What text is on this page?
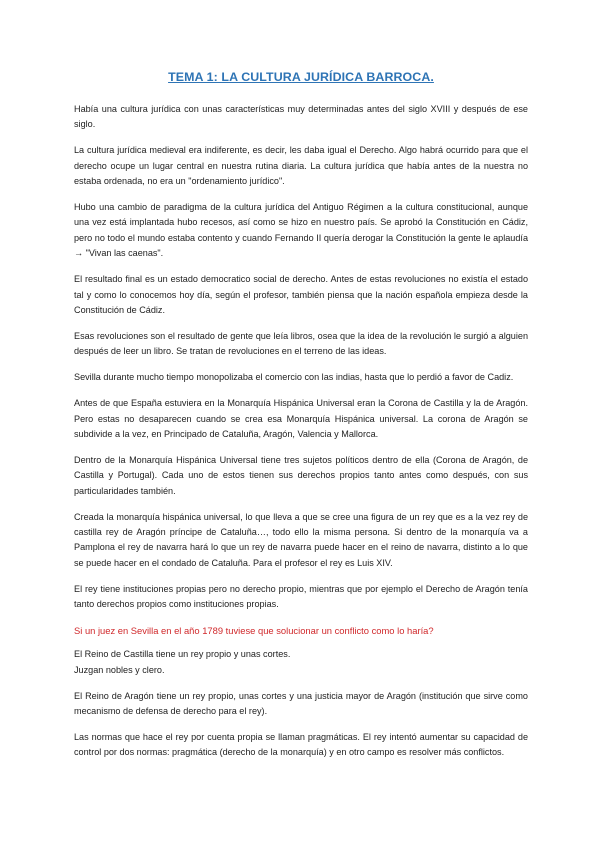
TEMA 1: LA CULTURA JURÍDICA BARROCA.

Había una cultura jurídica con unas características muy determinadas antes del siglo XVIII y después de ese siglo.

La cultura jurídica medieval era indiferente, es decir, les daba igual el Derecho. Algo habrá ocurrido para que el derecho ocupe un lugar central en nuestra rutina diaria. La cultura jurídica que había antes de la nuestra no estaba ordenada, no era un "ordenamiento jurídico".

Hubo una cambio de paradigma de la cultura jurídica del Antiguo Régimen a la cultura constitucional, aunque una vez está implantada hubo recesos, así como se hizo en nuestro país. Se aprobó la Constitución en Cádiz, pero no todo el mundo estaba contento y cuando Fernando II quería derogar la Constitución la gente le aplaudía → "Vivan las caenas".

El resultado final es un estado democratico social de derecho. Antes de estas revoluciones no existía el estado tal y como lo conocemos hoy día, según el profesor, también piensa que la nación española empieza desde la Constitución de Cádiz.

Esas revoluciones son el resultado de gente que leía libros, osea que la idea de la revolución le surgió a alguien después de leer un libro. Se tratan de revoluciones en el terreno de las ideas.

Sevilla durante mucho tiempo monopolizaba el comercio con las indias, hasta que lo perdió a favor de Cadiz.

Antes de que España estuviera en la Monarquía Hispánica Universal eran la Corona de Castilla y la de Aragón. Pero estas no desaparecen cuando se crea esa Monarquía Hispánica universal. La corona de Aragón se subdivide a la vez, en Principado de Cataluña, Aragón, Valencia y Mallorca.

Dentro de la Monarquía Hispánica Universal tiene tres sujetos políticos dentro de ella (Corona de Aragón, de Castilla y Portugal). Cada uno de estos tienen sus derechos propios tanto antes como después, con sus particularidades también.

Creada la monarquía hispánica universal, lo que lleva a que se cree una figura de un rey que es a la vez rey de castilla rey de Aragón príncipe de Cataluña…, todo ello la misma persona. Si dentro de la monarquía va a Pamplona el rey de navarra hará lo que un rey de navarra puede hacer en el reino de navarra, distinto a lo que se puede hacer en el condado de Cataluña. Para el profesor el rey es Luis XIV.

El rey tiene instituciones propias pero no derecho propio, mientras que por ejemplo el Derecho de Aragón tenía tanto derechos propios como instituciones propias.

Si un juez en Sevilla en el año 1789 tuviese que solucionar un conflicto como lo haría?

El Reino de Castilla tiene un rey propio y unas cortes.
Juzgan nobles y clero.

El Reino de Aragón tiene un rey propio, unas cortes y una justicia mayor de Aragón (institución que sirve como mecanismo de defensa de derecho para el rey).

Las normas que hace el rey por cuenta propia se llaman pragmáticas. El rey intentó aumentar su capacidad de control por dos normas: pragmática (derecho de la monarquía) y en otro campo es resolver más conflictos.
